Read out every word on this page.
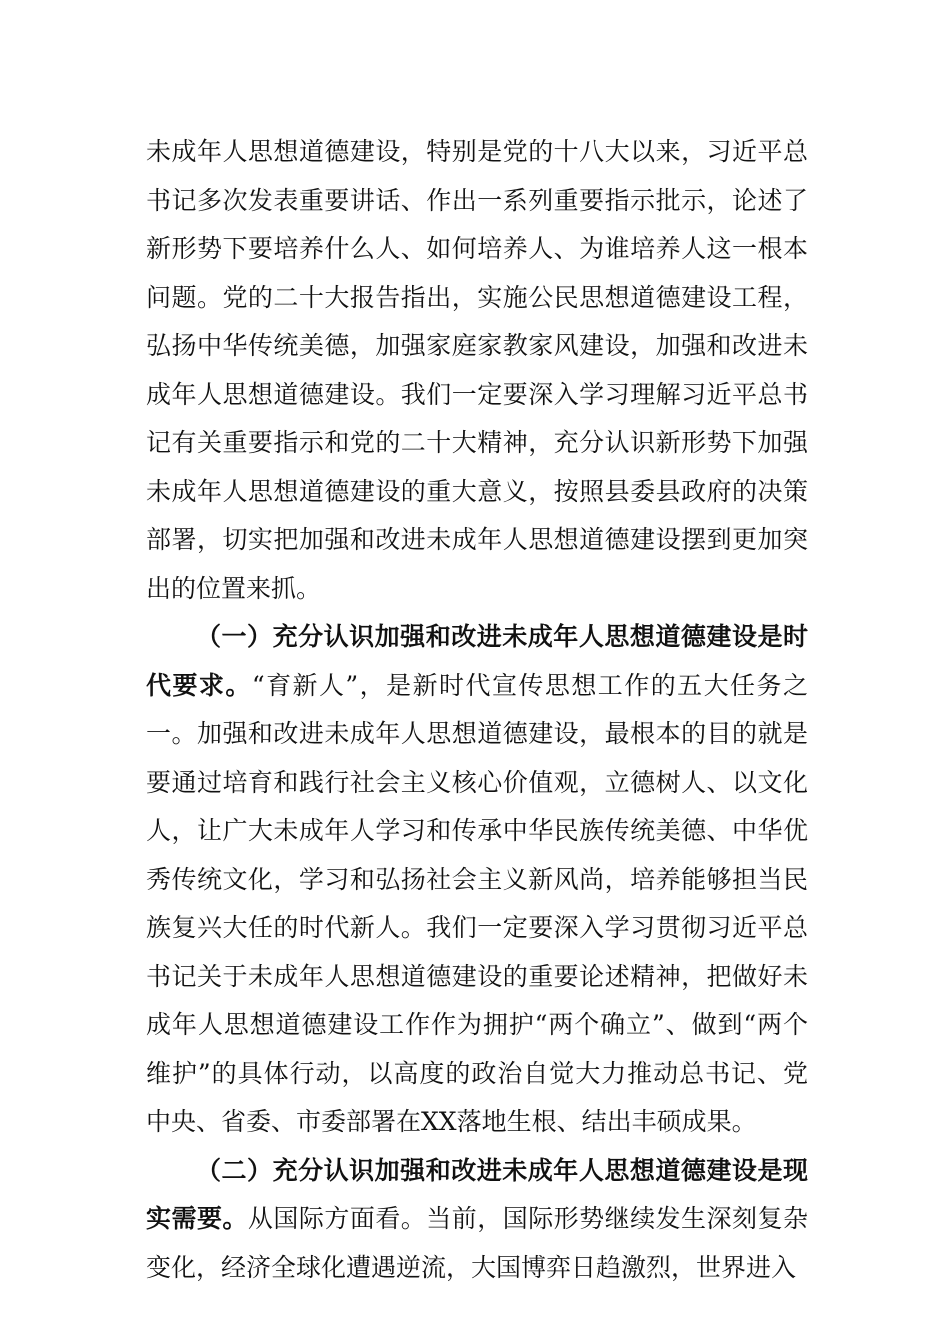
未成年人思想道德建设，特别是党的十八大以来，习近平总书记多次发表重要讲话、作出一系列重要指示批示，论述了新形势下要培养什么人、如何培养人、为谁培养人这一根本问题。党的二十大报告指出，实施公民思想道德建设工程，弘扬中华传统美德，加强家庭家教家风建设，加强和改进未成年人思想道德建设。我们一定要深入学习理解习近平总书记有关重要指示和党的二十大精神，充分认识新形势下加强未成年人思想道德建设的重大意义，按照县委县政府的决策部署，切实把加强和改进未成年人思想道德建设摆到更加突出的位置来抓。

（一）充分认识加强和改进未成年人思想道德建设是时代要求。“育新人”，是新时代宣传思想工作的五大任务之一。加强和改进未成年人思想道德建设，最根本的目的就是要通过培育和践行社会主义核心价值观，立德树人、以文化人，让广大未成年人学习和传承中华民族传统美德、中华优秀传统文化，学习和弘扬社会主义新风尚，培养能够担当民族复兴大任的时代新人。我们一定要深入学习贯彻习近平总书记关于未成年人思想道德建设的重要论述精神，把做好未成年人思想道德建设工作作为拥护“两个确立”、做到“两个维护”的具体行动，以高度的政治自觉大力推动总书记、党中央、省委、市委部署在XX落地生根、结出丰硕成果。

（二）充分认识加强和改进未成年人思想道德建设是现实需要。从国际方面看。当前，国际形势继续发生深刻复杂变化，经济全球化遭遇逆流，大国博弈日趋激烈，世界进入
